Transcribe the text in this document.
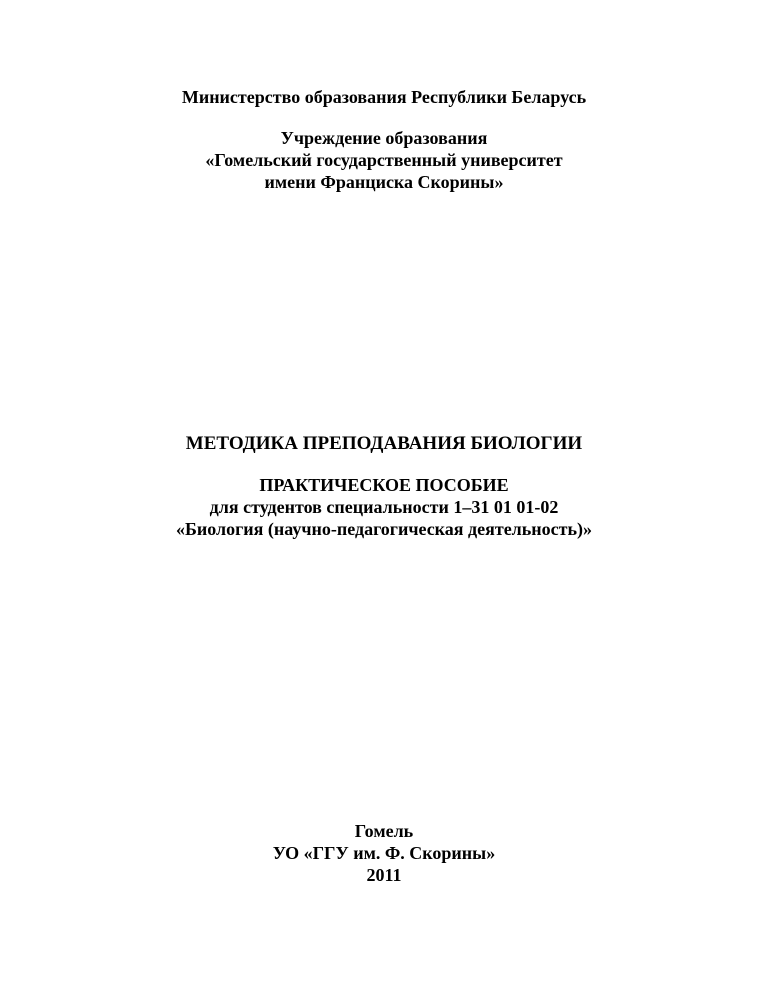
Министерство образования Республики Беларусь
Учреждение образования
«Гомельский государственный университет
имени Франциска Скорины»
МЕТОДИКА ПРЕПОДАВАНИЯ БИОЛОГИИ
ПРАКТИЧЕСКОЕ ПОСОБИЕ
для студентов специальности 1–31 01 01-02
«Биология (научно-педагогическая деятельность)»
Гомель
УО «ГГУ им. Ф. Скорины»
2011
